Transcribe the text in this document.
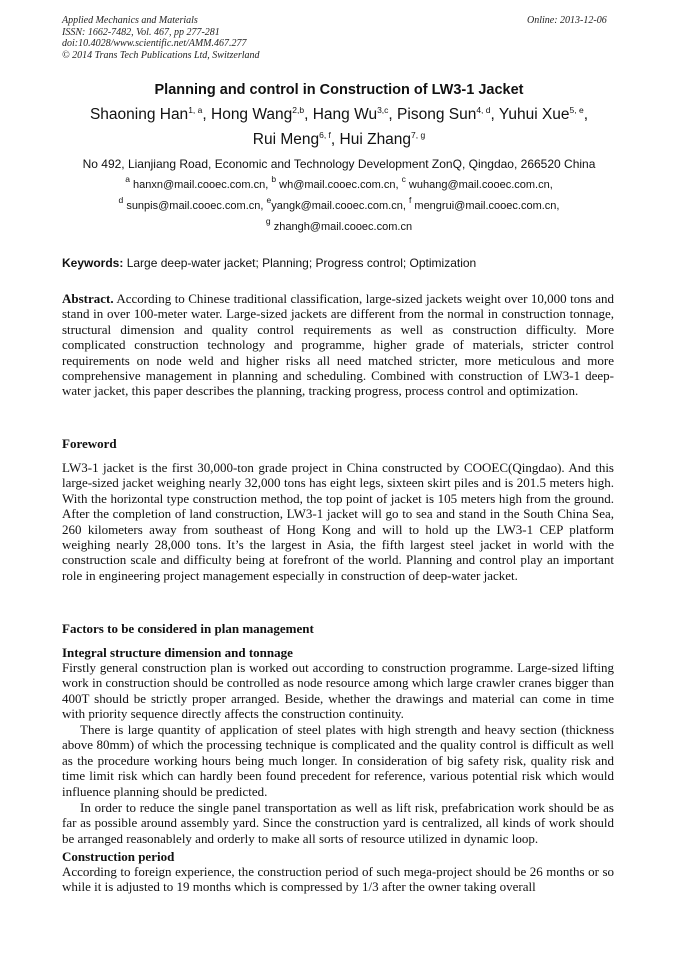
Applied Mechanics and Materials
ISSN: 1662-7482, Vol. 467, pp 277-281
doi:10.4028/www.scientific.net/AMM.467.277
© 2014 Trans Tech Publications Ltd, Switzerland
Online: 2013-12-06
Planning and control in Construction of LW3-1 Jacket
Shaoning Han$^{1, a}$, Hong Wang$^{2,b}$, Hang Wu$^{3,c}$, Pisong Sun$^{4, d}$, Yuhui Xue$^{5, e}$,
Rui Meng$^{6, f}$, Hui Zhang$^{7, g}$
No 492, Lianjiang Road, Economic and Technology Development ZonQ, Qingdao, 266520 China
$^a$ hanxn@mail.cooec.com.cn, $^b$ wh@mail.cooec.com.cn, $^c$ wuhang@mail.cooec.com.cn,
$^d$ sunpis@mail.cooec.com.cn, $^e$yangk@mail.cooec.com.cn, $^f$ mengrui@mail.cooec.com.cn,
$^g$ zhangh@mail.cooec.com.cn
Keywords: Large deep-water jacket; Planning; Progress control; Optimization

Abstract. According to Chinese traditional classification, large-sized jackets weight over 10,000 tons and stand in over 100-meter water. Large-sized jackets are different from the normal in construction tonnage, structural dimension and quality control requirements as well as construction difficulty. More complicated construction technology and programme, higher grade of materials, stricter control requirements on node weld and higher risks all need matched stricter, more meticulous and more comprehensive management in planning and scheduling. Combined with construction of LW3-1 deep-water jacket, this paper describes the planning, tracking progress, process control and optimization.

Foreword

LW3-1 jacket is the first 30,000-ton grade project in China constructed by COOEC(Qingdao). And this large-sized jacket weighing nearly 32,000 tons has eight legs, sixteen skirt piles and is 201.5 meters high. With the horizontal type construction method, the top point of jacket is 105 meters high from the ground. After the completion of land construction, LW3-1 jacket will go to sea and stand in the South China Sea, 260 kilometers away from southeast of Hong Kong and will to hold up the LW3-1 CEP platform weighing nearly 28,000 tons. It’s the largest in Asia, the fifth largest steel jacket in world with the construction scale and difficulty being at forefront of the world. Planning and control play an important role in engineering project management especially in construction of deep-water jacket.

Factors to be considered in plan management
Integral structure dimension and tonnage

Firstly general construction plan is worked out according to construction programme. Large-sized lifting work in construction should be controlled as node resource among which large crawler cranes bigger than 400T should be strictly proper arranged. Beside, whether the drawings and material can come in time with priority sequence directly affects the construction continuity.

There is large quantity of application of steel plates with high strength and heavy section (thickness above 80mm) of which the processing technique is complicated and the quality control is difficult as well as the procedure working hours being much longer. In consideration of big safety risk, quality risk and time limit risk which can hardly been found precedent for reference, various potential risk which would influence planning should be predicted.

In order to reduce the single panel transportation as well as lift risk, prefabrication work should be as far as possible around assembly yard. Since the construction yard is centralized, all kinds of work should be arranged reasonablely and orderly to make all sorts of resource utilized in dynamic loop.

Construction period

According to foreign experience, the construction period of such mega-project should be 26 months or so while it is adjusted to 19 months which is compressed by 1/3 after the owner taking overall
